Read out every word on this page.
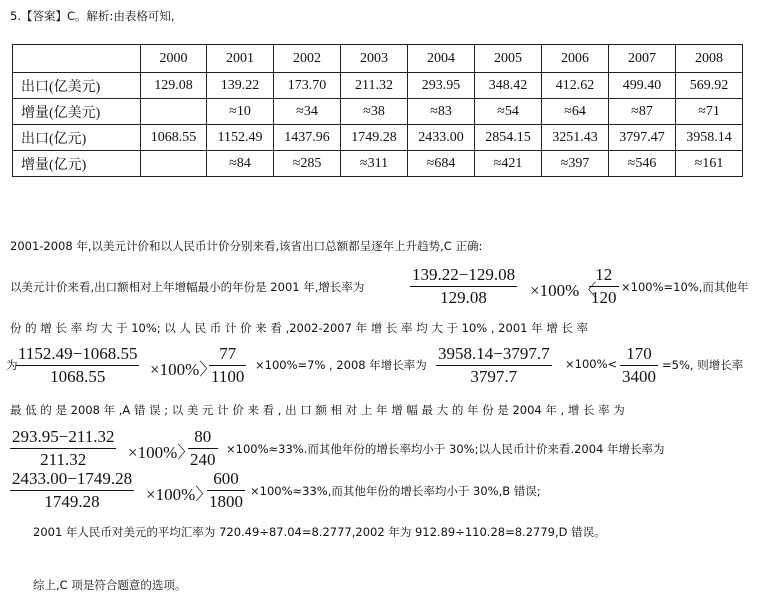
5.【答案】C。解析:由表格可知,
	2000	2001	2002	2003	2004	2005	2006	2007	2008
出口(亿美元)	129.08	139.22	173.70	211.32	293.95	348.42	412.62	499.40	569.92
增量(亿美元)		≈10	≈34	≈38	≈83	≈54	≈64	≈87	≈71
出口(亿元)	1068.55	1152.49	1437.96	1749.28	2433.00	2854.15	3251.43	3797.47	3958.14
增量(亿元)		≈84	≈285	≈311	≈684	≈421	≈397	≈546	≈161
2001-2008 年,以美元计价和以人民币计价分别来看,该省出口总额都呈逐年上升趋势,C 正确:
以美元计价来看,出口额相对上年增幅最小的年份是 2001 年,增长率为
139.22−129.08
129.08	×100%〈
12
120
×100%=10%,而其他年
份 的 增 长 率 均 大 于 10%; 以 人 民 币 计 价 来 看 ,2002-2007 年 增 长 率 均 大 于 10% , 2001 年 增 长 率
为
1152.49−1068.55
1068.55	×100%〉
77
1100
×100%=7% , 2008 年增长率为
3958.14−3797.7
3797.7
×100%<
170
3400
=5%, 则增长率
最 低 的 是 2008 年 ,A 错 误 ; 以 美 元 计 价 来 看 , 出 口 额 相 对 上 年 增 幅 最 大 的 年 份 是 2004 年 , 增 长 率 为
293.95−211.32
211.32	×100%〉
80
240
×100%≈33%.而其他年份的增长率均小于 30%;以人民币计价来看.2004 年增长率为
2433.00−1749.28
1749.28	×100%〉
600
1800
×100%≈33%,而其他年份的增长率均小于 30%,B 错误;
2001 年人民币对美元的平均汇率为 720.49÷87.04=8.2777,2002 年为 912.89÷110.28=8.2779,D 错误。
综上,C 项是符合题意的选项。
